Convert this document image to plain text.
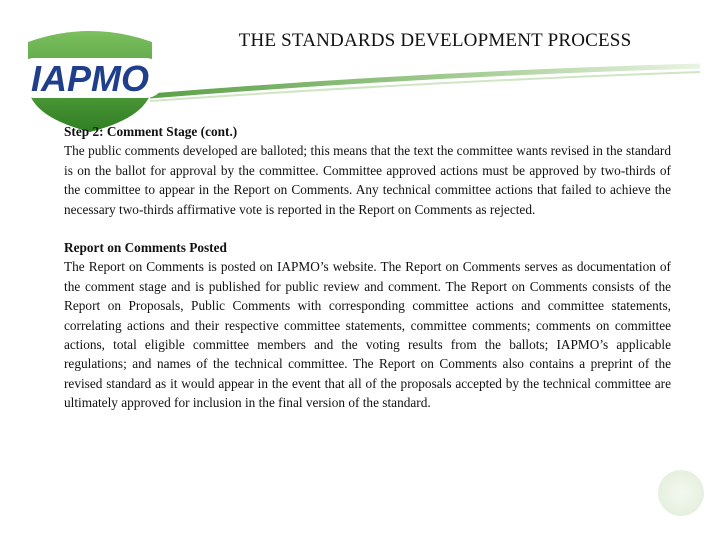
IAPMO
THE STANDARDS DEVELOPMENT PROCESS

Step 2: Comment Stage (cont.)

The public comments developed are balloted; this means that the text the committee wants revised in the standard is on the ballot for approval by the committee. Committee approved actions must be approved by two-thirds of the committee to appear in the Report on Comments. Any technical committee actions that failed to achieve the necessary two-thirds affirmative vote is reported in the Report on Comments as rejected.

Report on Comments Posted

The Report on Comments is posted on IAPMO’s website. The Report on Comments serves as documentation of the comment stage and is published for public review and comment. The Report on Comments consists of the Report on Proposals, Public Comments with corresponding committee actions and committee statements, correlating actions and their respective committee statements, committee comments; comments on committee actions, total eligible committee members and the voting results from the ballots; IAPMO’s applicable regulations; and names of the technical committee. The Report on Comments also contains a preprint of the revised standard as it would appear in the event that all of the proposals accepted by the technical committee are ultimately approved for inclusion in the final version of the standard.
